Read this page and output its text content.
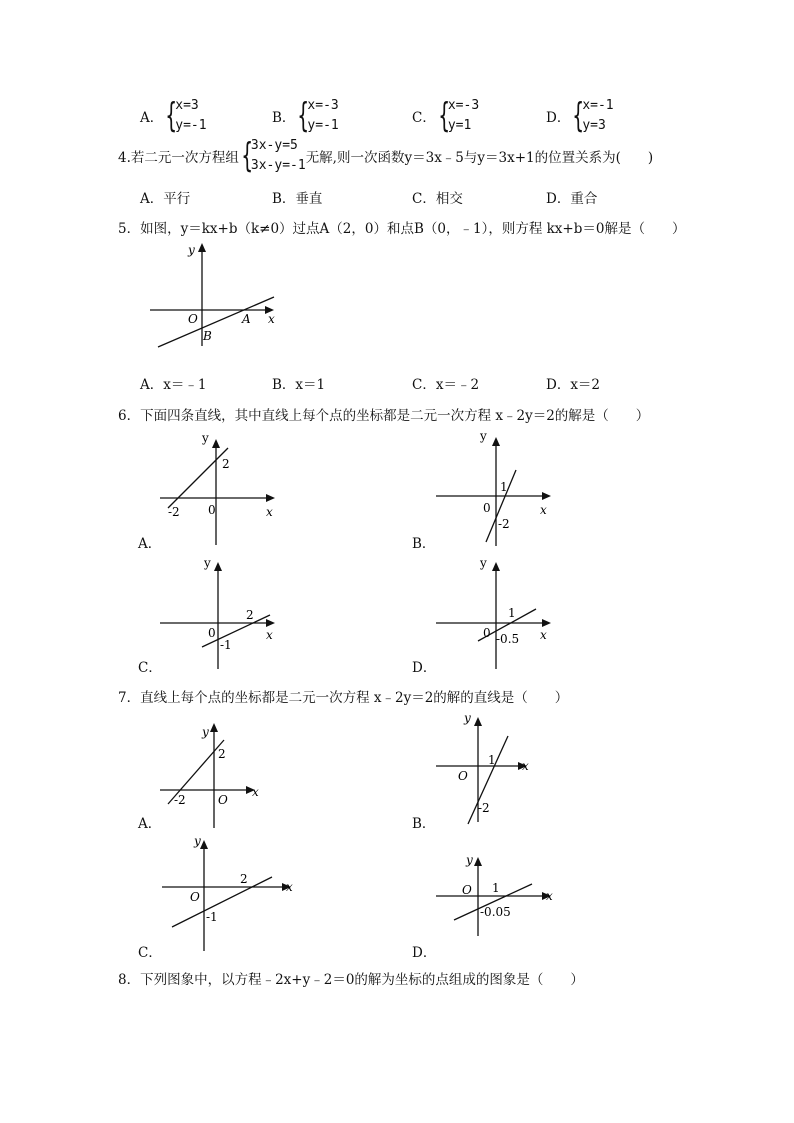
A． {
x=3
y=-1	B． {
x=-3
y=-1	C． {
x=-3
y=1	D． {
x=-1
y=3
4.若二元一次方程组 {
3x-y=5
3x-y=-1 无解,则一次函数y＝3x﹣5与y＝3x+1的位置关系为(　　)
A．平行	B．垂直	C．相交	D．重合
5．如图，y＝kx+b（k≠0）过点A（2，0）和点B（0，﹣1），则方程 kx+b＝0解是（　　）
y
x
O	A
B
A．x＝﹣1	B．x＝1	C．x＝﹣2	D．x＝2
6．下面四条直线，其中直线上每个点的坐标都是二元一次方程 x﹣2y＝2的解是（　　）
A．
y
x
0
2
-2
B．
y
x
0
1
-2
C．
y
x
0
2
-1
D．
y
x
0
1
-0.5
7．直线上每个点的坐标都是二元一次方程 x﹣2y＝2的解的直线是（　　）
A．
y
x
O
2
-2
B．
y
x
O
1
-2
C．
y
x
O
2
-1
D．
y
x
O 1
-0.05
8．下列图象中，以方程﹣2x+y﹣2＝0的解为坐标的点组成的图象是（　　）
